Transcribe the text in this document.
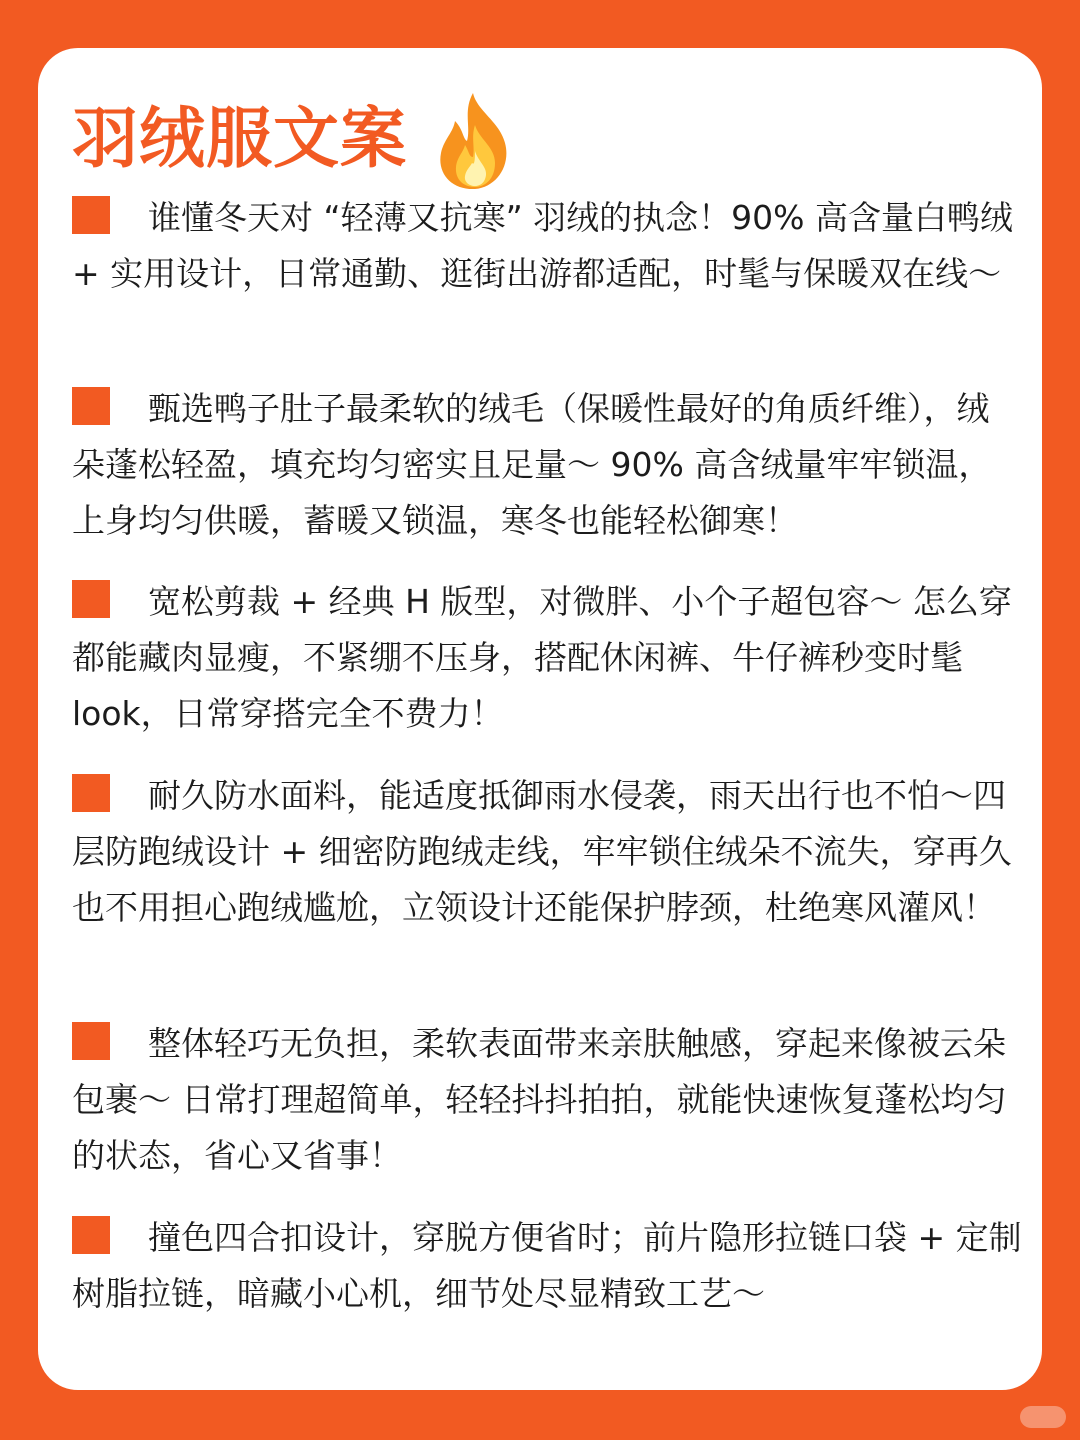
羽绒服文案
谁懂冬天对 “轻薄又抗寒” 羽绒的执念！90% 高含量白鸭绒 + 实用设计，日常通勤、逛街出游都适配，时髦与保暖双在线～
甄选鸭子肚子最柔软的绒毛（保暖性最好的角质纤维），绒朵蓬松轻盈，填充均匀密实且足量～ 90% 高含绒量牢牢锁温，上身均匀供暖，蓄暖又锁温，寒冬也能轻松御寒！
宽松剪裁 + 经典 H 版型，对微胖、小个子超包容～ 怎么穿都能藏肉显瘦，不紧绷不压身，搭配休闲裤、牛仔裤秒变时髦 look，日常穿搭完全不费力！
耐久防水面料，能适度抵御雨水侵袭，雨天出行也不怕～四层防跑绒设计 + 细密防跑绒走线，牢牢锁住绒朵不流失，穿再久也不用担心跑绒尴尬，立领设计还能保护脖颈，杜绝寒风灌风！
整体轻巧无负担，柔软表面带来亲肤触感，穿起来像被云朵包裹～ 日常打理超简单，轻轻抖抖拍拍，就能快速恢复蓬松均匀的状态，省心又省事！
撞色四合扣设计，穿脱方便省时；前片隐形拉链口袋 + 定制树脂拉链，暗藏小心机，细节处尽显精致工艺～
